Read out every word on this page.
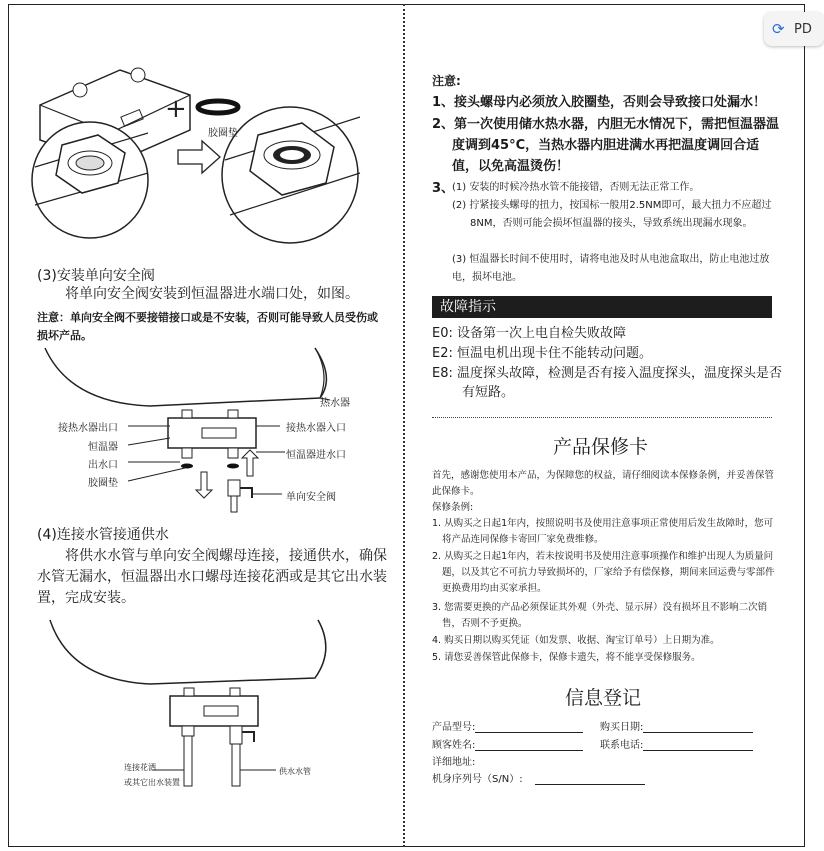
⟳ PD
+
胶圈垫
(3)安装单向安全阀
将单向安全阀安装到恒温器进水端口处，如图。
注意：单向安全阀不要接错接口或是不安装，否则可能导致人员受伤或损坏产品。
热水器
接热水器出口	接热水器入口
恒温器
恒温器进水口
出水口
胶圈垫
单向安全阀
(4)连接水管接通供水
将供水水管与单向安全阀螺母连接，接通供水，确保水管无漏水，恒温器出水口螺母连接花洒或是其它出水装置，完成安装。
连接花洒
或其它出水装置
供水水管
注意:
1、接头螺母内必须放入胶圈垫，否则会导致接口处漏水！
2、第一次使用储水热水器，内胆无水情况下，需把恒温器温度调到45°C，当热水器内胆进满水再把温度调回合适值，以免高温烫伤！
3、
(1) 安装的时候冷热水管不能接错，否则无法正常工作。
(2) 拧紧接头螺母的扭力，按国标一般用2.5NM即可，最大扭力不应超过8NM，否则可能会损坏恒温器的接头，导致系统出现漏水现象。
(3) 恒温器长时间不使用时，请将电池及时从电池盒取出，防止电池过放电，损坏电池。
故障指示
E0: 设备第一次上电自检失败故障
E2: 恒温电机出现卡住不能转动问题。
E8: 温度探头故障，检测是否有接入温度探头，温度探头是否有短路。
产品保修卡
首先，感谢您使用本产品，为保障您的权益，请仔细阅读本保修条例，并妥善保管此保修卡。
保修条例:
1. 从购买之日起1年内，按照说明书及使用注意事项正常使用后发生故障时，您可将产品连同保修卡寄回厂家免费维修。
2. 从购买之日起1年内，若未按说明书及使用注意事项操作和维护出现人为质量问题，以及其它不可抗力导致损坏的，厂家给予有偿保修，期间来回运费与零部件更换费用均由买家承担。
3. 您需要更换的产品必须保证其外观（外壳、显示屏）没有损坏且不影响二次销售，否则不予更换。
4. 购买日期以购买凭证（如发票、收据、淘宝订单号）上日期为准。
5. 请您妥善保管此保修卡，保修卡遗失，将不能享受保修服务。
信息登记
产品型号:	购买日期:
顾客姓名:	联系电话:
详细地址:
机身序列号（S/N）:
